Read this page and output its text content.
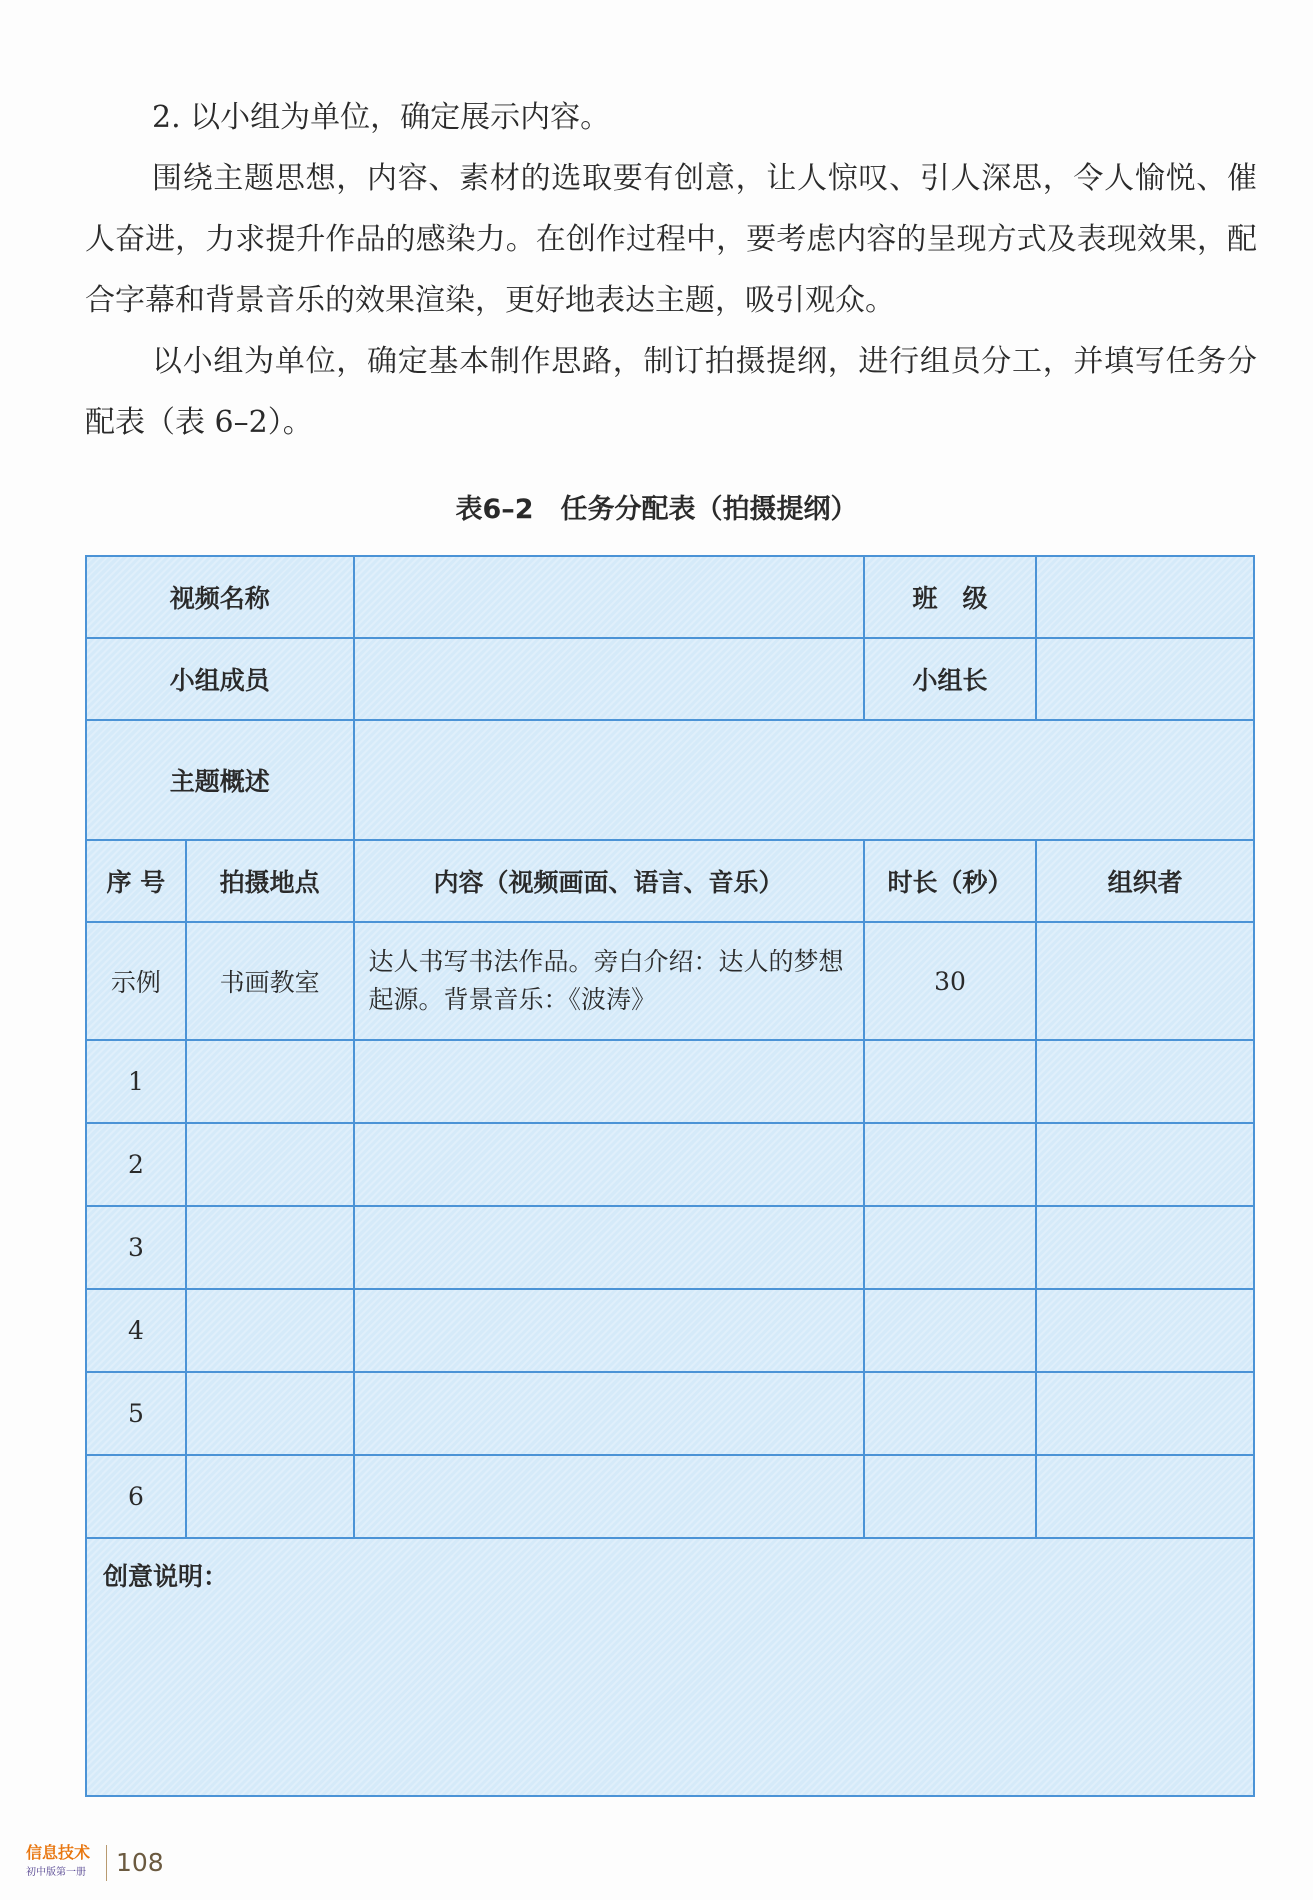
2. 以小组为单位，确定展示内容。
围绕主题思想，内容、素材的选取要有创意，让人惊叹、引人深思，令人愉悦、催人奋进，力求提升作品的感染力。在创作过程中，要考虑内容的呈现方式及表现效果，配合字幕和背景音乐的效果渲染，更好地表达主题，吸引观众。
以小组为单位，确定基本制作思路，制订拍摄提纲，进行组员分工，并填写任务分配表（表 6–2）。
表6–2　任务分配表（拍摄提纲）
视频名称			班　级	
小组成员			小组长	
主题概述				
序 号	拍摄地点	内容（视频画面、语言、音乐）	时长（秒）	组织者
示例	书画教室	达人书写书法作品。旁白介绍：达人的梦想起源。背景音乐：《波涛》	30	
1				
2				
3				
4				
5				
6				
创意说明：				
信息技术
初中版第一册 108
